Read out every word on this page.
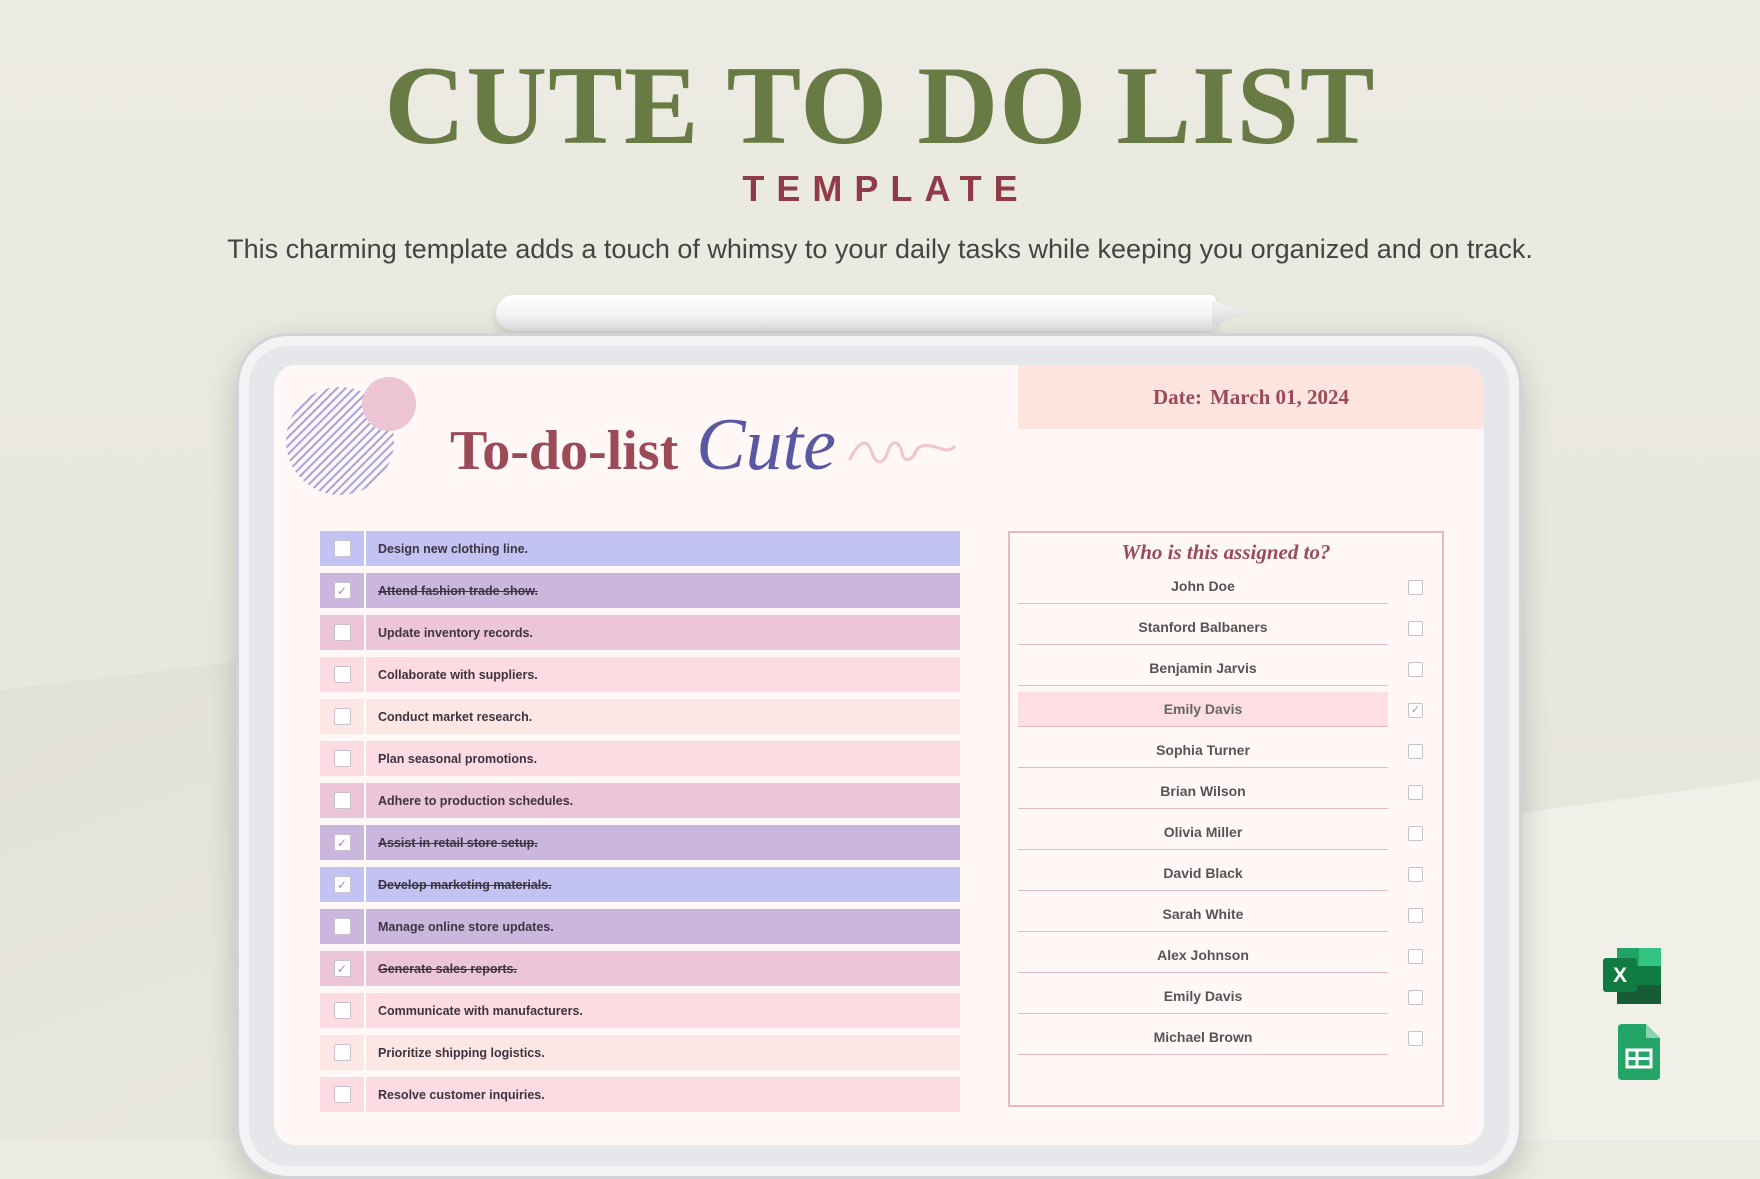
CUTE TO DO LIST
TEMPLATE
This charming template adds a touch of whimsy to your daily tasks while keeping you organized and on track.
To-do-list Cute
Date: March 01, 2024
Design new clothing line.
✓	Attend fashion trade show.
Update inventory records.
Collaborate with suppliers.
Conduct market research.
Plan seasonal promotions.
Adhere to production schedules.
✓	Assist in retail store setup.
✓	Develop marketing materials.
Manage online store updates.
✓	Generate sales reports.
Communicate with manufacturers.
Prioritize shipping logistics.
Resolve customer inquiries.
Who is this assigned to?
John Doe
Stanford Balbaners
Benjamin Jarvis
Emily Davis	✓
Sophia Turner
Brian Wilson
Olivia Miller
David Black
Sarah White
Alex Johnson
Emily Davis
Michael Brown
X
